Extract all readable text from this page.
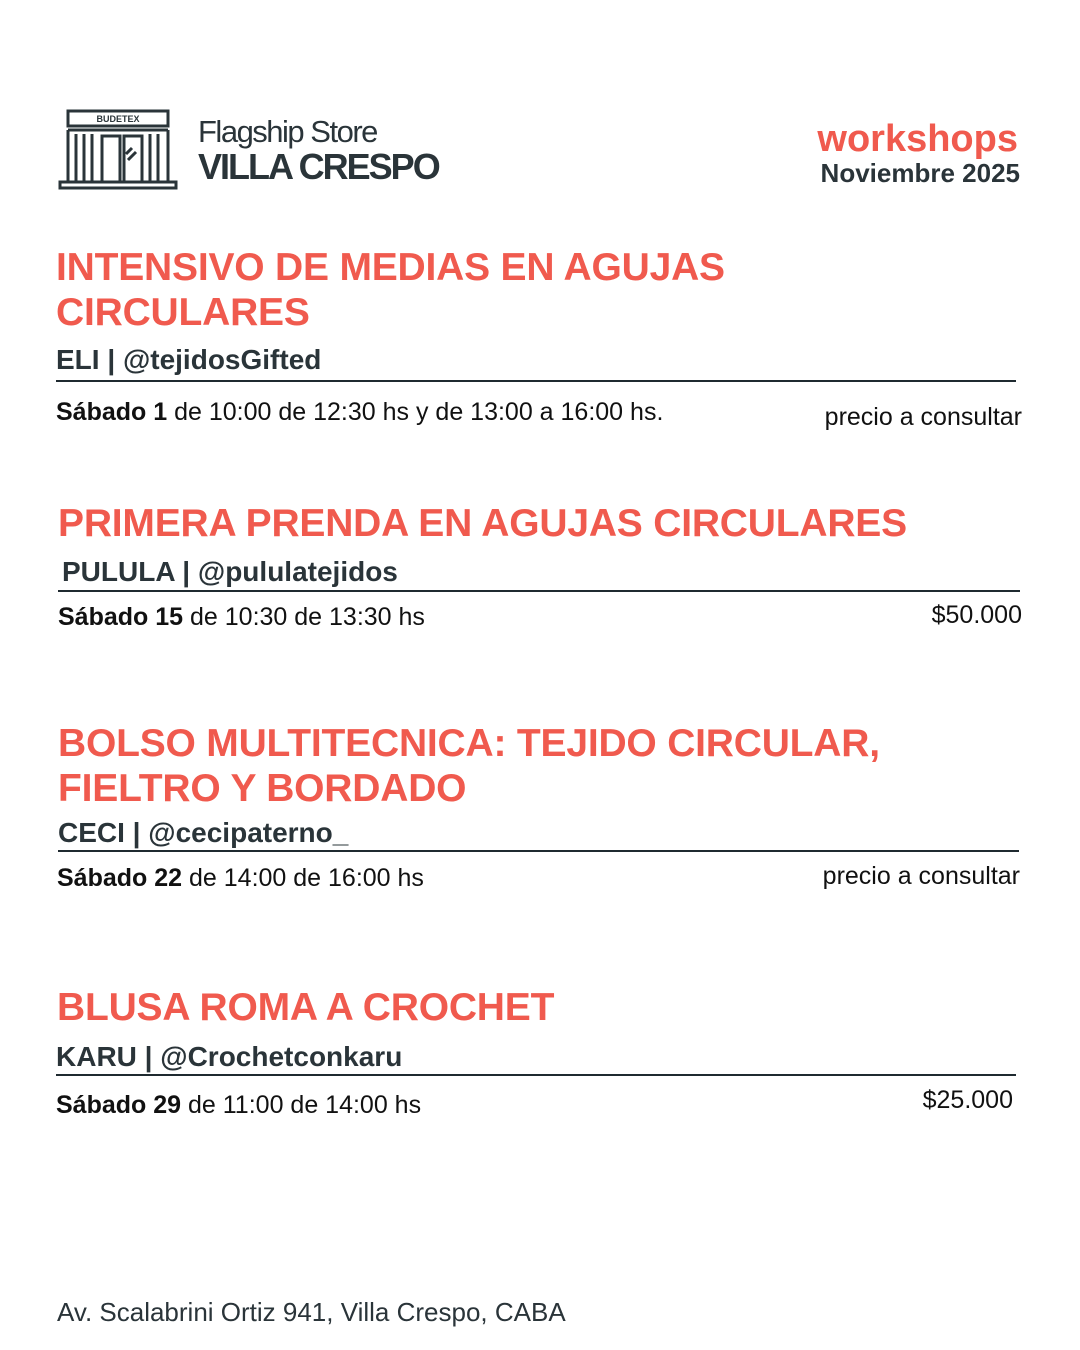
BUDETEX Flagship Store
VILLA CRESPO
workshops
Noviembre 2025
INTENSIVO DE MEDIAS EN AGUJAS CIRCULARES
ELI | @tejidosGifted
Sábado 1 de 10:00 de 12:30 hs y de 13:00 a 16:00 hs.	precio a consultar
PRIMERA PRENDA EN AGUJAS CIRCULARES
PULULA | @pululatejidos
Sábado 15 de 10:30 de 13:30 hs	$50.000
BOLSO MULTITECNICA: TEJIDO CIRCULAR, FIELTRO Y BORDADO
CECI | @cecipaterno_
Sábado 22 de 14:00 de 16:00 hs	precio a consultar
BLUSA ROMA A CROCHET
KARU | @Crochetconkaru
Sábado 29 de 11:00 de 14:00 hs	$25.000
Av. Scalabrini Ortiz 941, Villa Crespo, CABA
